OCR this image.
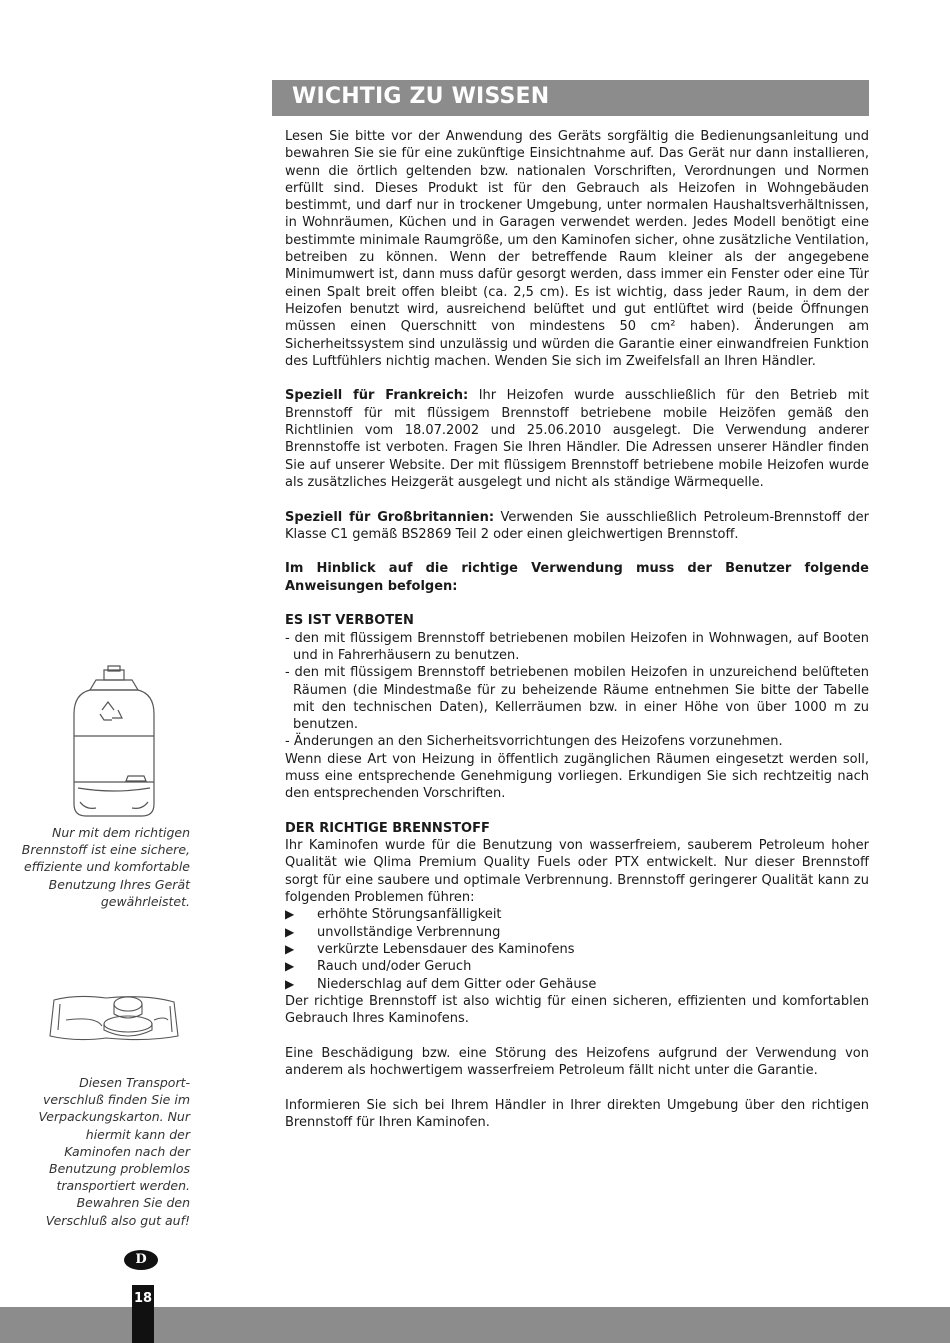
WICHTIG ZU WISSEN
Nur mit dem richtigen Brennstoff ist eine sichere, effiziente und komfortable Benutzung Ihres Gerät gewährleistet.
Diesen Transport-verschluß finden Sie im Verpackungskarton. Nur hiermit kann der Kaminofen nach der Benutzung problemlos transportiert werden. Bewahren Sie den Verschluß also gut auf!

Lesen Sie bitte vor der Anwendung des Geräts sorgfältig die Bedienungsanleitung und bewahren Sie sie für eine zukünftige Einsichtnahme auf. Das Gerät nur dann installieren, wenn die örtlich geltenden bzw. nationalen Vorschriften, Verordnungen und Normen erfüllt sind. Dieses Produkt ist für den Gebrauch als Heizofen in Wohngebäuden bestimmt, und darf nur in trockener Umgebung, unter normalen Haushaltsverhältnissen, in Wohnräumen, Küchen und in Garagen verwendet werden. Jedes Modell benötigt eine bestimmte minimale Raumgröße, um den Kaminofen sicher, ohne zusätzliche Ventilation, betreiben zu können. Wenn der betreffende Raum kleiner als der angegebene Minimumwert ist, dann muss dafür gesorgt werden, dass immer ein Fenster oder eine Tür einen Spalt breit offen bleibt (ca. 2,5 cm). Es ist wichtig, dass jeder Raum, in dem der Heizofen benutzt wird, ausreichend belüftet und gut entlüftet wird (beide Öffnungen müssen einen Querschnitt von mindestens 50 cm² haben). Änderungen am Sicherheitssystem sind unzulässig und würden die Garantie einer einwandfreien Funktion des Luftfühlers nichtig machen. Wenden Sie sich im Zweifelsfall an Ihren Händler.

Speziell für Frankreich: Ihr Heizofen wurde ausschließlich für den Betrieb mit Brennstoff für mit flüssigem Brennstoff betriebene mobile Heizöfen gemäß den Richtlinien vom 18.07.2002 und 25.06.2010 ausgelegt. Die Verwendung anderer Brennstoffe ist verboten. Fragen Sie Ihren Händler. Die Adressen unserer Händler finden Sie auf unserer Website. Der mit flüssigem Brennstoff betriebene mobile Heizofen wurde als zusätzliches Heizgerät ausgelegt und nicht als ständige Wärmequelle.

Speziell für Großbritannien: Verwenden Sie ausschließlich Petroleum-Brennstoff der Klasse C1 gemäß BS2869 Teil 2 oder einen gleichwertigen Brennstoff.

Im Hinblick auf die richtige Verwendung muss der Benutzer folgende Anweisungen befolgen:

ES IST VERBOTEN

- den mit flüssigem Brennstoff betriebenen mobilen Heizofen in Wohnwagen, auf Booten und in Fahrerhäusern zu benutzen.

- den mit flüssigem Brennstoff betriebenen mobilen Heizofen in unzureichend belüfteten Räumen (die Mindestmaße für zu beheizende Räume entnehmen Sie bitte der Tabelle mit den technischen Daten), Kellerräumen bzw. in einer Höhe von über 1000 m zu benutzen.

- Änderungen an den Sicherheitsvorrichtungen des Heizofens vorzunehmen.

Wenn diese Art von Heizung in öffentlich zugänglichen Räumen eingesetzt werden soll, muss eine entsprechende Genehmigung vorliegen. Erkundigen Sie sich rechtzeitig nach den entsprechenden Vorschriften.

DER RICHTIGE BRENNSTOFF

Ihr Kaminofen wurde für die Benutzung von wasserfreiem, sauberem Petroleum hoher Qualität wie Qlima Premium Quality Fuels oder PTX entwickelt. Nur dieser Brennstoff sorgt für eine saubere und optimale Verbrennung. Brennstoff geringerer Qualität kann zu folgenden Problemen führen:

▶	erhöhte Störungsanfälligkeit
▶	unvollständige Verbrennung
▶	verkürzte Lebensdauer des Kaminofens
▶	Rauch und/oder Geruch
▶	Niederschlag auf dem Gitter oder Gehäuse

Der richtige Brennstoff ist also wichtig für einen sicheren, effizienten und komfortablen Gebrauch Ihres Kaminofens.

Eine Beschädigung bzw. eine Störung des Heizofens aufgrund der Verwendung von anderem als hochwertigem wasserfreiem Petroleum fällt nicht unter die Garantie.

Informieren Sie sich bei Ihrem Händler in Ihrer direkten Umgebung über den richtigen Brennstoff für Ihren Kaminofen.

D
18
